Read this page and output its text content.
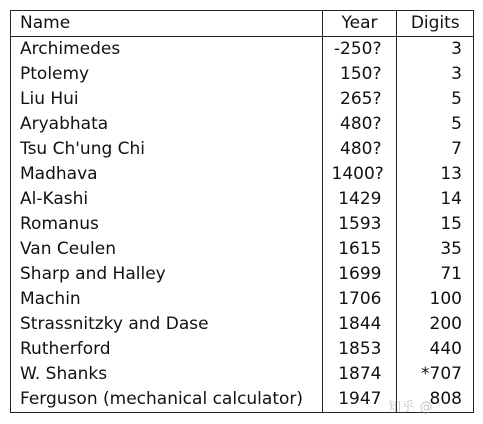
Name	Year	Digits
Archimedes	-250?	3
Ptolemy	150?	3
Liu Hui	265?	5
Aryabhata	480?	5
Tsu Ch'ung Chi	480?	7
Madhava	1400?	13
Al-Kashi	1429	14
Romanus	1593	15
Van Ceulen	1615	35
Sharp and Halley	1699	71
Machin	1706	100
Strassnitzky and Dase	1844	200
Rutherford	1853	440
W. Shanks	1874	*707
Ferguson (mechanical calculator)	1947	808
知乎 @
